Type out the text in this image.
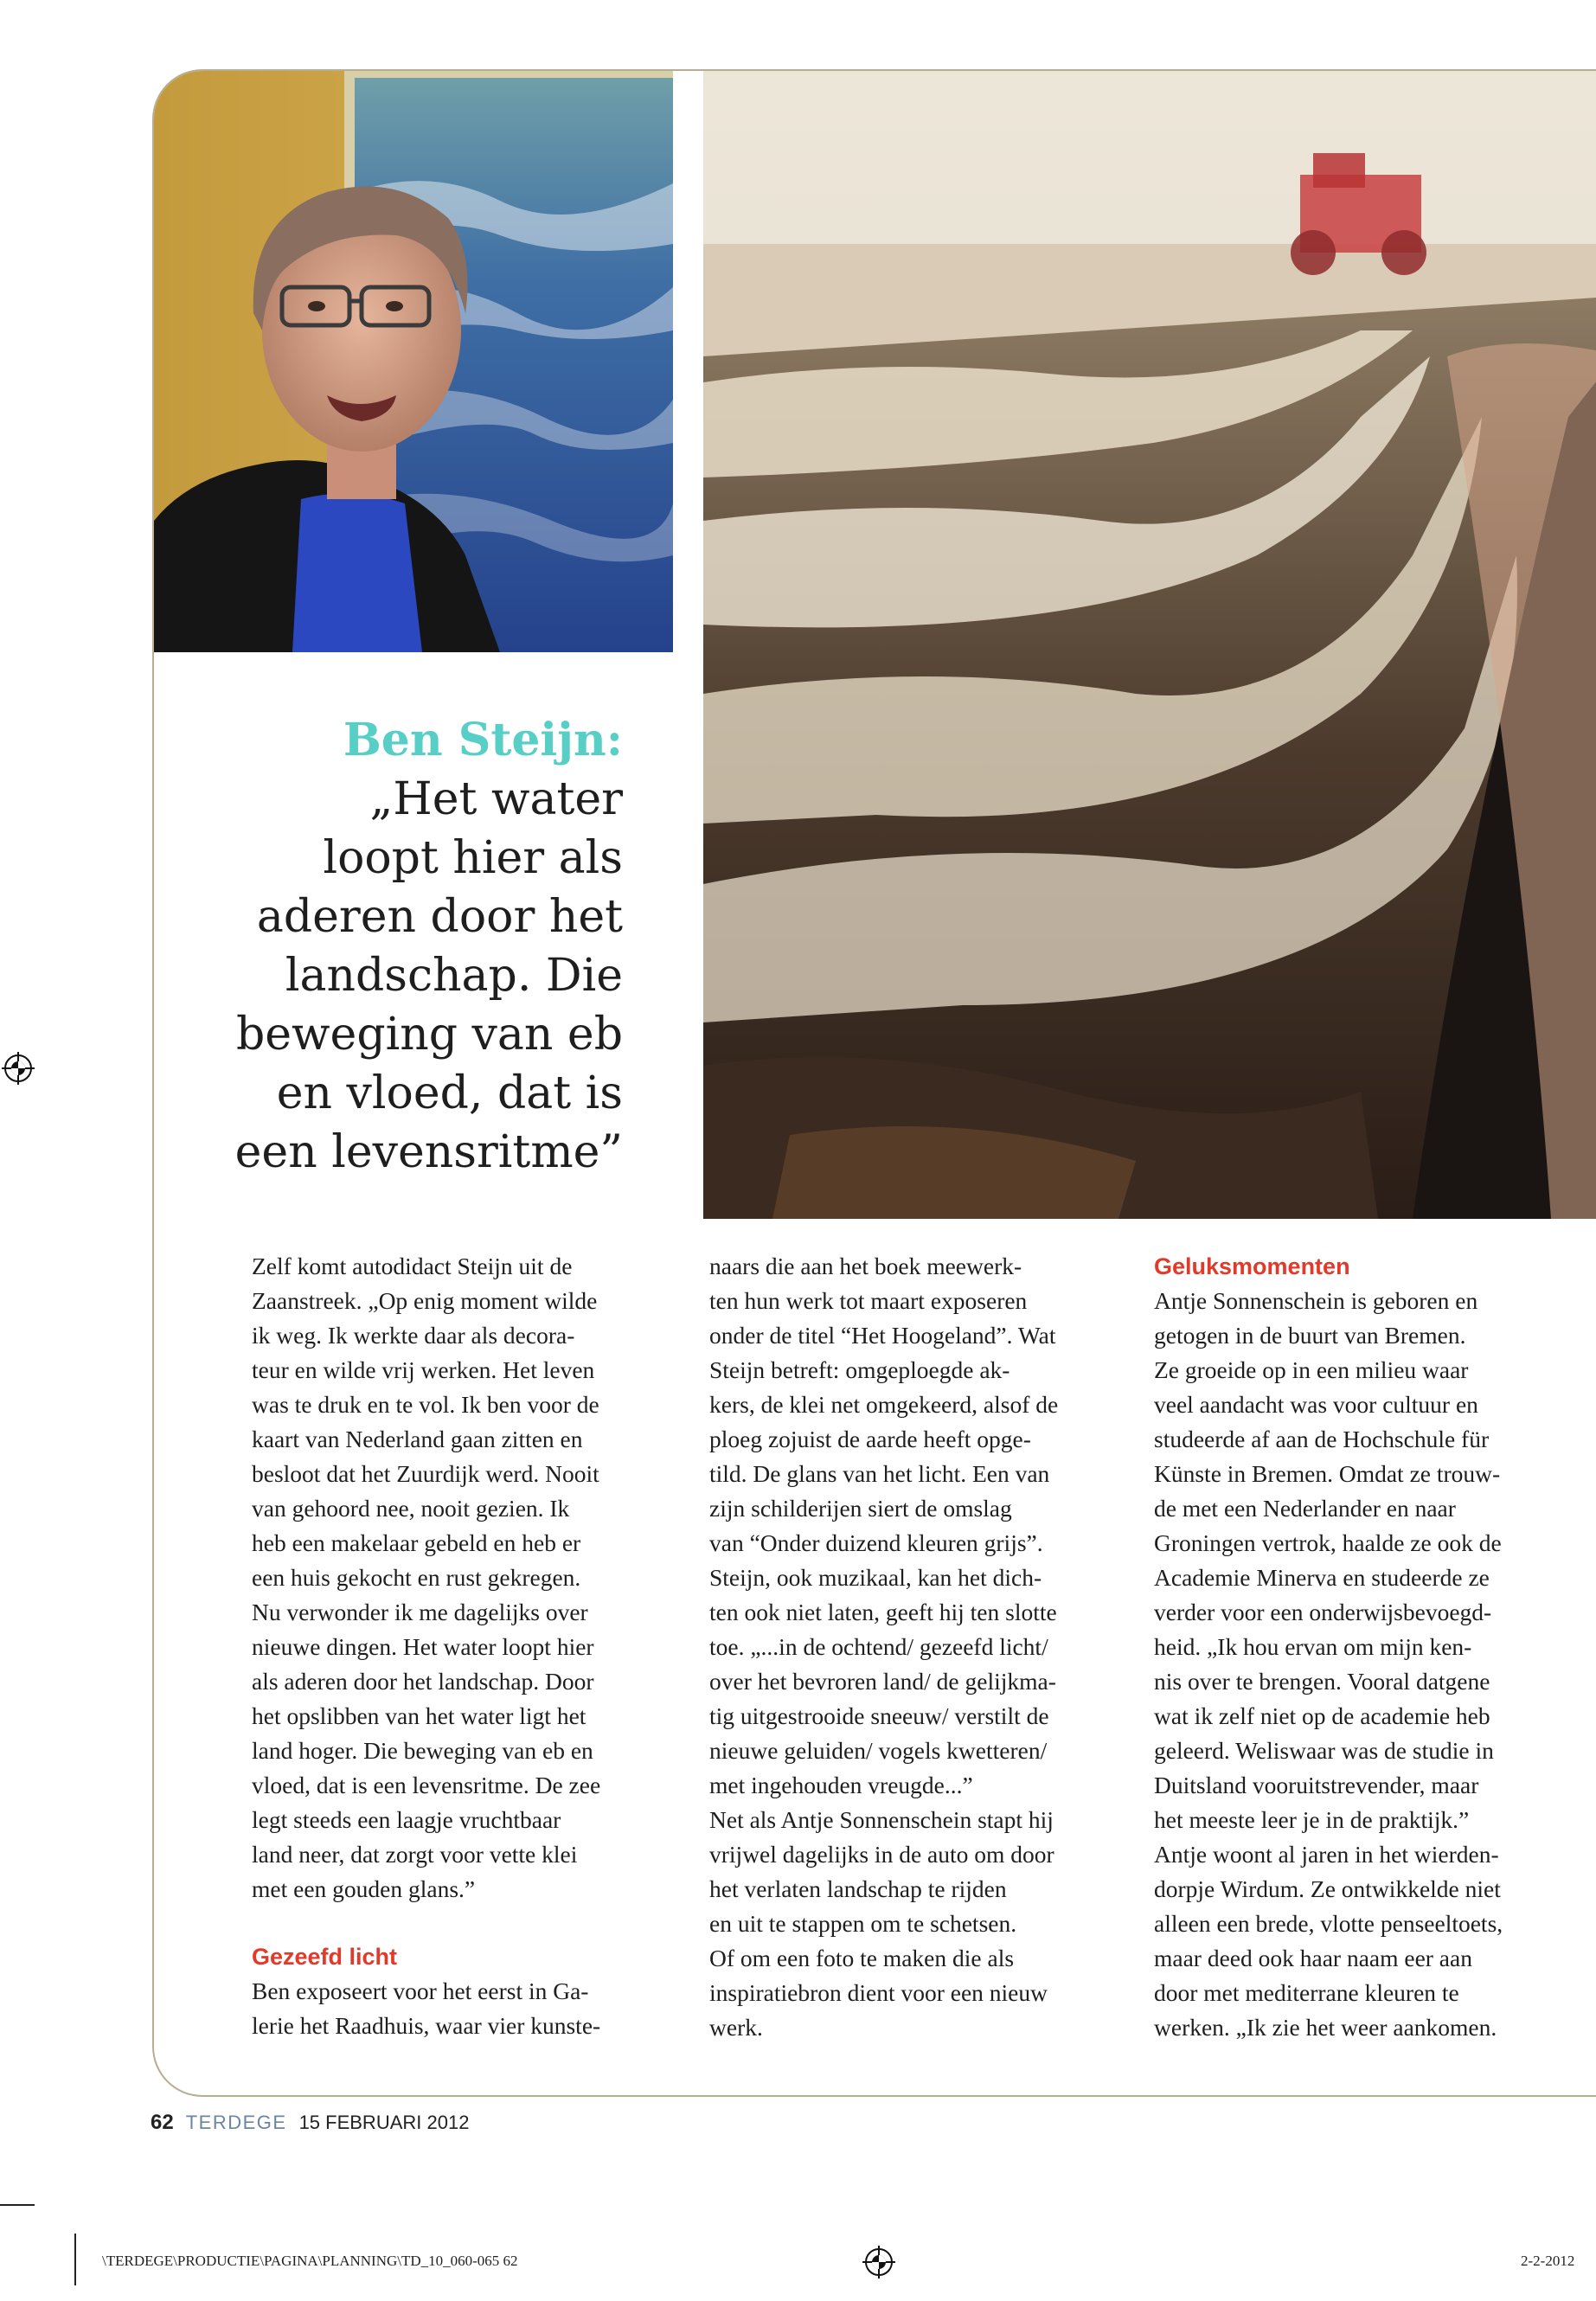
Ben Steijn:
„Het water
loopt hier als
aderen door het
landschap. Die
beweging van eb
en vloed, dat is
een levensritme”
Zelf komt autodidact Steijn uit de
Zaanstreek. „Op enig moment wilde
ik weg. Ik werkte daar als decora-
teur en wilde vrij werken. Het leven
was te druk en te vol. Ik ben voor de
kaart van Nederland gaan zitten en
besloot dat het Zuurdijk werd. Nooit
van gehoord nee, nooit gezien. Ik
heb een makelaar gebeld en heb er
een huis gekocht en rust gekregen.
Nu verwonder ik me dagelijks over
nieuwe dingen. Het water loopt hier
als aderen door het landschap. Door
het opslibben van het water ligt het
land hoger. Die beweging van eb en
vloed, dat is een levensritme. De zee
legt steeds een laagje vruchtbaar
land neer, dat zorgt voor vette klei
met een gouden glans.”
Gezeefd licht
Ben exposeert voor het eerst in Ga-
lerie het Raadhuis, waar vier kunste-
naars die aan het boek meewerk-
ten hun werk tot maart exposeren
onder de titel “Het Hoogeland”. Wat
Steijn betreft: omgeploegde ak-
kers, de klei net omgekeerd, alsof de
ploeg zojuist de aarde heeft opge-
tild. De glans van het licht. Een van
zijn schilderijen siert de omslag
van “Onder duizend kleuren grijs”.
Steijn, ook muzikaal, kan het dich-
ten ook niet laten, geeft hij ten slotte
toe. „...in de ochtend/ gezeefd licht/
over het bevroren land/ de gelijkma-
tig uitgestrooide sneeuw/ verstilt de
nieuwe geluiden/ vogels kwetteren/
met ingehouden vreugde...”
Net als Antje Sonnenschein stapt hij
vrijwel dagelijks in de auto om door
het verlaten landschap te rijden
en uit te stappen om te schetsen.
Of om een foto te maken die als
inspiratiebron dient voor een nieuw
werk.
Geluksmomenten
Antje Sonnenschein is geboren en
getogen in de buurt van Bremen.
Ze groeide op in een milieu waar
veel aandacht was voor cultuur en
studeerde af aan de Hochschule für
Künste in Bremen. Omdat ze trouw-
de met een Nederlander en naar
Groningen vertrok, haalde ze ook de
Academie Minerva en studeerde ze
verder voor een onderwijsbevoegd-
heid. „Ik hou ervan om mijn ken-
nis over te brengen. Vooral datgene
wat ik zelf niet op de academie heb
geleerd. Weliswaar was de studie in
Duitsland vooruitstrevender, maar
het meeste leer je in de praktijk.”
Antje woont al jaren in het wierden-
dorpje Wirdum. Ze ontwikkelde niet
alleen een brede, vlotte penseeltoets,
maar deed ook haar naam eer aan
door met mediterrane kleuren te
werken. „Ik zie het weer aankomen.
62 TERDEGE 15 FEBRUARI 2012
\TERDEGE\PRODUCTIE\PAGINA\PLANNING\TD_10_060-065 62	2-2-2012
